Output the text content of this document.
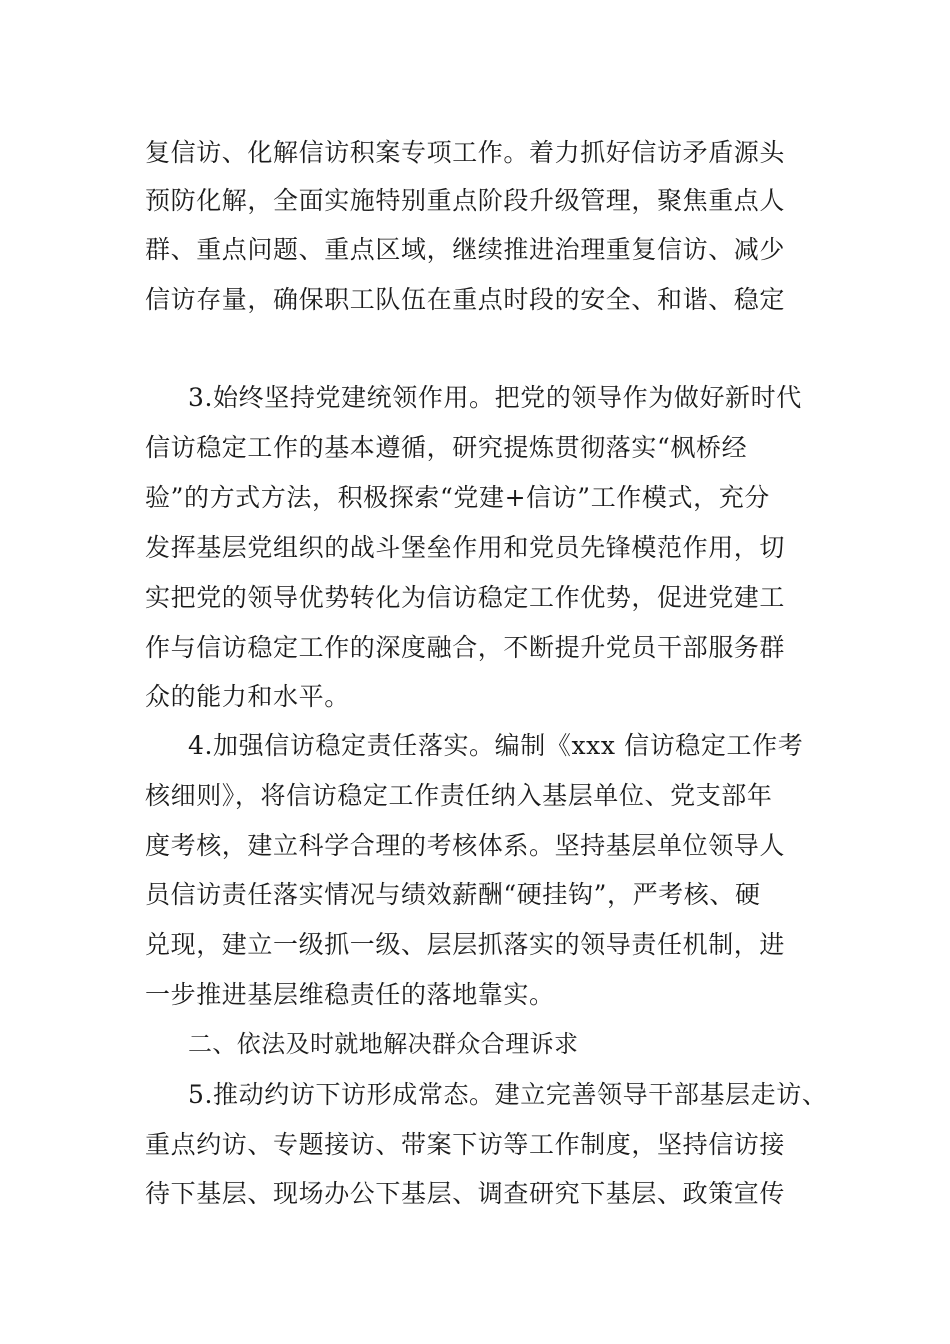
复信访、化解信访积案专项工作。着力抓好信访矛盾源头
预防化解，全面实施特别重点阶段升级管理，聚焦重点人
群、重点问题、重点区域，继续推进治理重复信访、减少
信访存量，确保职工队伍在重点时段的安全、和谐、稳定
3.始终坚持党建统领作用。把党的领导作为做好新时代
信访稳定工作的基本遵循，研究提炼贯彻落实“枫桥经
验”的方式方法，积极探索“党建+信访”工作模式，充分
发挥基层党组织的战斗堡垒作用和党员先锋模范作用，切
实把党的领导优势转化为信访稳定工作优势，促进党建工
作与信访稳定工作的深度融合，不断提升党员干部服务群
众的能力和水平。
4.加强信访稳定责任落实。编制《xxx 信访稳定工作考
核细则》，将信访稳定工作责任纳入基层单位、党支部年
度考核，建立科学合理的考核体系。坚持基层单位领导人
员信访责任落实情况与绩效薪酬“硬挂钩”，严考核、硬
兑现，建立一级抓一级、层层抓落实的领导责任机制，进
一步推进基层维稳责任的落地靠实。
二、依法及时就地解决群众合理诉求
5.推动约访下访形成常态。建立完善领导干部基层走访、
重点约访、专题接访、带案下访等工作制度，坚持信访接
待下基层、现场办公下基层、调查研究下基层、政策宣传
